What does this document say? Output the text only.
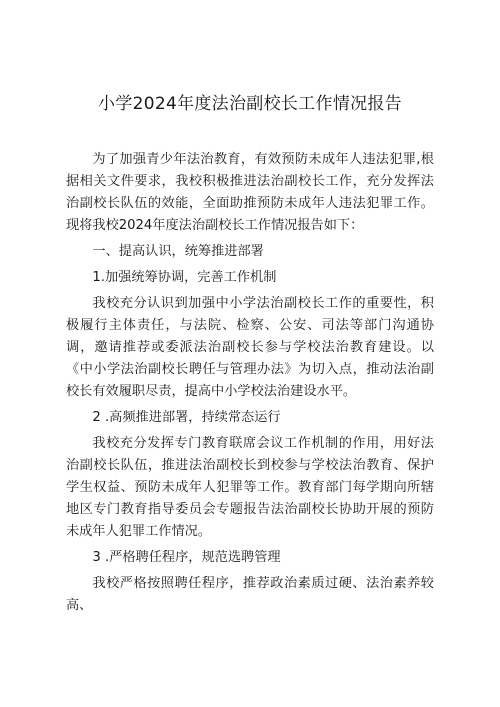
小学2024年度法治副校长工作情况报告

为了加强青少年法治教育，有效预防未成年人违法犯罪,根据相关文件要求，我校积极推进法治副校长工作，充分发挥法治副校长队伍的效能，全面助推预防未成年人违法犯罪工作。现将我校2024年度法治副校长工作情况报告如下：

一、提高认识，统筹推进部署

1.加强统筹协调，完善工作机制

我校充分认识到加强中小学法治副校长工作的重要性，积极履行主体责任，与法院、检察、公安、司法等部门沟通协调，邀请推荐或委派法治副校长参与学校法治教育建设。以《中小学法治副校长聘任与管理办法》为切入点，推动法治副校长有效履职尽责，提高中小学校法治建设水平。

2 .高频推进部署，持续常态运行

我校充分发挥专门教育联席会议工作机制的作用，用好法治副校长队伍，推进法治副校长到校参与学校法治教育、保护学生权益、预防未成年人犯罪等工作。教育部门每学期向所辖地区专门教育指导委员会专题报告法治副校长协助开展的预防未成年人犯罪工作情况。

3 .严格聘任程序，规范选聘管理

我校严格按照聘任程序，推荐政治素质过硬、法治素养较高、
